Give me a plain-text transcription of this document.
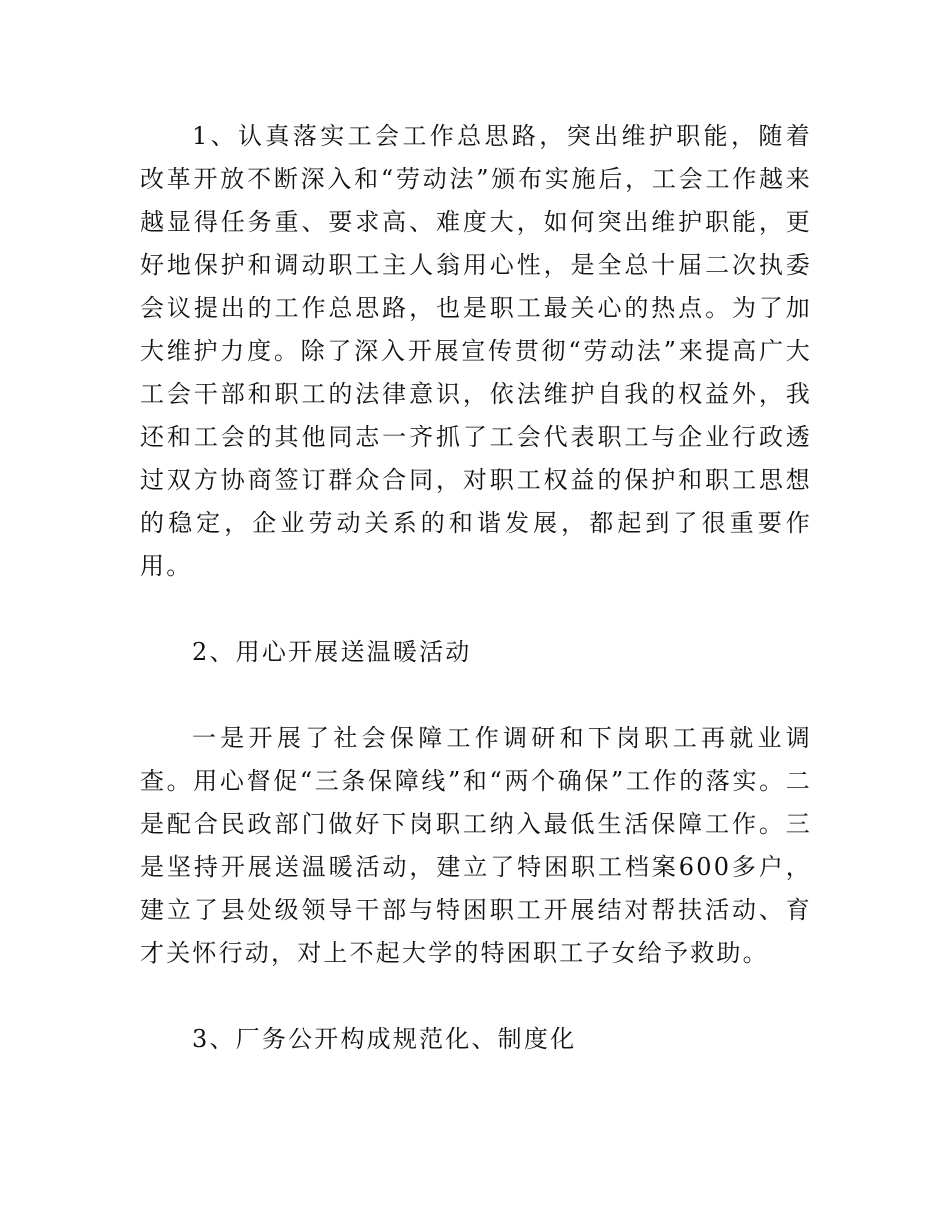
1、认真落实工会工作总思路，突出维护职能，随着改革开放不断深入和“劳动法”颁布实施后，工会工作越来越显得任务重、要求高、难度大，如何突出维护职能，更好地保护和调动职工主人翁用心性，是全总十届二次执委会议提出的工作总思路，也是职工最关心的热点。为了加大维护力度。除了深入开展宣传贯彻“劳动法”来提高广大工会干部和职工的法律意识，依法维护自我的权益外，我还和工会的其他同志一齐抓了工会代表职工与企业行政透过双方协商签订群众合同，对职工权益的保护和职工思想的稳定，企业劳动关系的和谐发展，都起到了很重要作用。

2、用心开展送温暖活动

一是开展了社会保障工作调研和下岗职工再就业调查。用心督促“三条保障线”和“两个确保”工作的落实。二是配合民政部门做好下岗职工纳入最低生活保障工作。三是坚持开展送温暖活动，建立了特困职工档案600多户，建立了县处级领导干部与特困职工开展结对帮扶活动、育才关怀行动，对上不起大学的特困职工子女给予救助。

3、厂务公开构成规范化、制度化
